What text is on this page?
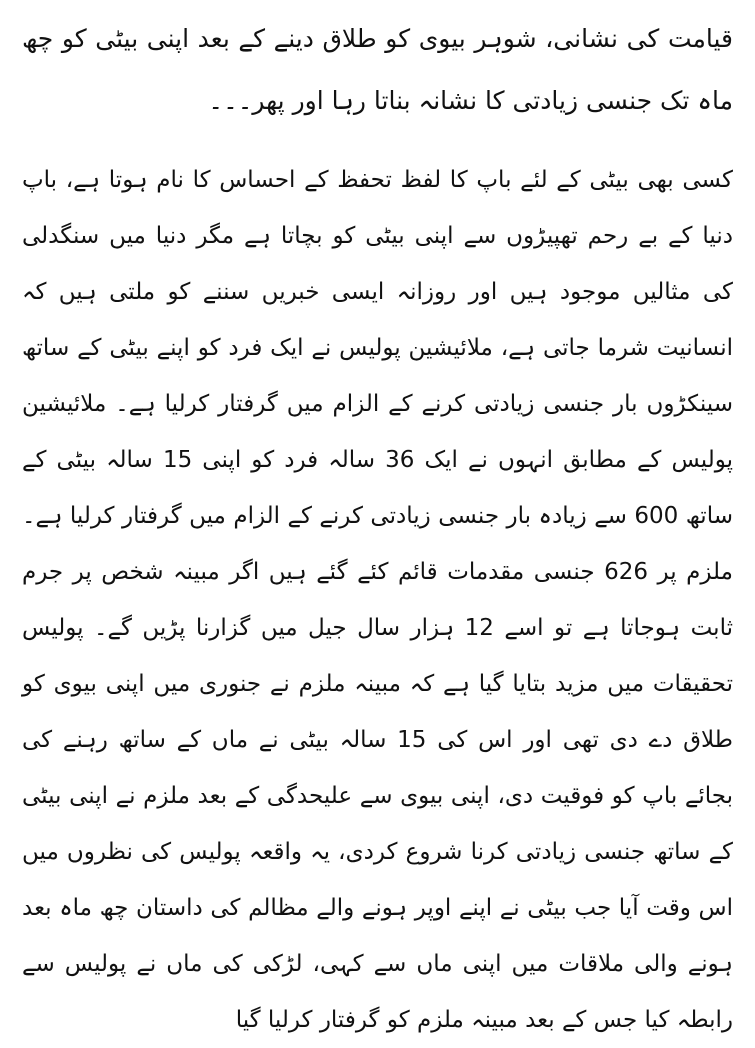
قیامت کی نشانی، شوہر بیوی کو طلاق دینے کے بعد اپنی بیٹی کو چھ ماہ تک جنسی زیادتی کا نشانہ بناتا رہا اور پھر۔۔۔

کسی بھی بیٹی کے لئے باپ کا لفظ تحفظ کے احساس کا نام ہوتا ہے، باپ دنیا کے بے رحم تھپیڑوں سے اپنی بیٹی کو بچاتا ہے مگر دنیا میں سنگدلی کی مثالیں موجود ہیں اور روزانہ ایسی خبریں سننے کو ملتی ہیں کہ انسانیت شرما جاتی ہے، ملائیشین پولیس نے ایک فرد کو اپنے بیٹی کے ساتھ سینکڑوں بار جنسی زیادتی کرنے کے الزام میں گرفتار کرلیا ہے۔ ملائیشین پولیس کے مطابق انہوں نے ایک 36 سالہ فرد کو اپنی 15 سالہ بیٹی کے ساتھ 600 سے زیادہ بار جنسی زیادتی کرنے کے الزام میں گرفتار کرلیا ہے۔ ملزم پر 626 جنسی مقدمات قائم کئے گئے ہیں اگر مبینہ شخص پر جرم ثابت ہوجاتا ہے تو اسے 12 ہزار سال جیل میں گزارنا پڑیں گے۔ پولیس تحقیقات میں مزید بتایا گیا ہے کہ مبینہ ملزم نے جنوری میں اپنی بیوی کو طلاق دے دی تھی اور اس کی 15 سالہ بیٹی نے ماں کے ساتھ رہنے کی بجائے باپ کو فوقیت دی، اپنی بیوی سے علیحدگی کے بعد ملزم نے اپنی بیٹی کے ساتھ جنسی زیادتی کرنا شروع کردی، یہ واقعہ پولیس کی نظروں میں اس وقت آیا جب بیٹی نے اپنے اوپر ہونے والے مظالم کی داستان چھ ماہ بعد ہونے والی ملاقات میں اپنی ماں سے کہی، لڑکی کی ماں نے پولیس سے رابطہ کیا جس کے بعد مبینہ ملزم کو گرفتار کرلیا گیا
